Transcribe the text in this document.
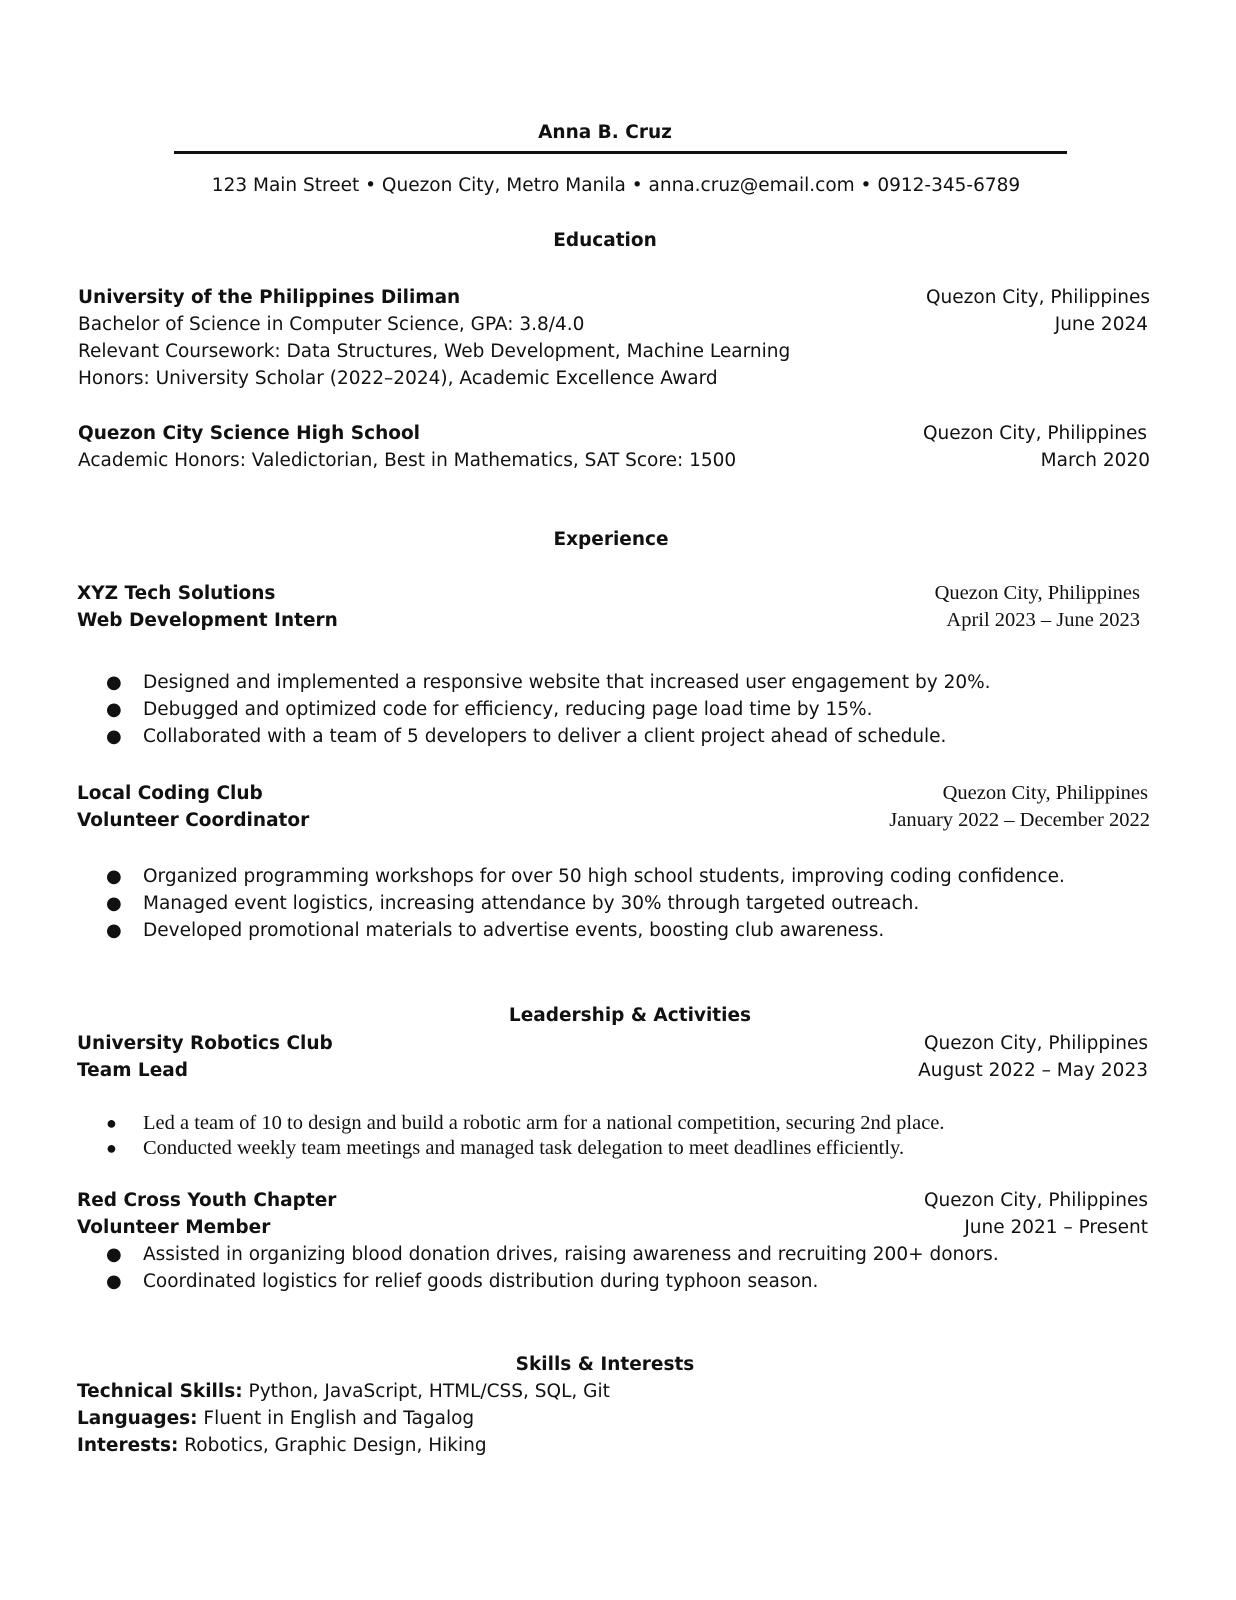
Anna B. Cruz
123 Main Street • Quezon City, Metro Manila • anna.cruz@email.com • 0912-345-6789
Education
University of the Philippines Diliman	Quezon City, Philippines
Bachelor of Science in Computer Science, GPA: 3.8/4.0	June 2024
Relevant Coursework: Data Structures, Web Development, Machine Learning
Honors: University Scholar (2022–2024), Academic Excellence Award
Quezon City Science High School	Quezon City, Philippines
Academic Honors: Valedictorian, Best in Mathematics, SAT Score: 1500	March 2020
Experience
XYZ Tech Solutions	Quezon City, Philippines
Web Development Intern	April 2023 – June 2023
● Designed and implemented a responsive website that increased user engagement by 20%.
● Debugged and optimized code for efficiency, reducing page load time by 15%.
● Collaborated with a team of 5 developers to deliver a client project ahead of schedule.
Local Coding Club	Quezon City, Philippines
Volunteer Coordinator	January 2022 – December 2022
● Organized programming workshops for over 50 high school students, improving coding confidence.
● Managed event logistics, increasing attendance by 30% through targeted outreach.
● Developed promotional materials to advertise events, boosting club awareness.
Leadership & Activities
University Robotics Club	Quezon City, Philippines
Team Lead	August 2022 – May 2023
● Led a team of 10 to design and build a robotic arm for a national competition, securing 2nd place.
● Conducted weekly team meetings and managed task delegation to meet deadlines efficiently.
Red Cross Youth Chapter	Quezon City, Philippines
Volunteer Member	June 2021 – Present
● Assisted in organizing blood donation drives, raising awareness and recruiting 200+ donors.
● Coordinated logistics for relief goods distribution during typhoon season.
Skills & Interests
Technical Skills: Python, JavaScript, HTML/CSS, SQL, Git
Languages: Fluent in English and Tagalog
Interests: Robotics, Graphic Design, Hiking
